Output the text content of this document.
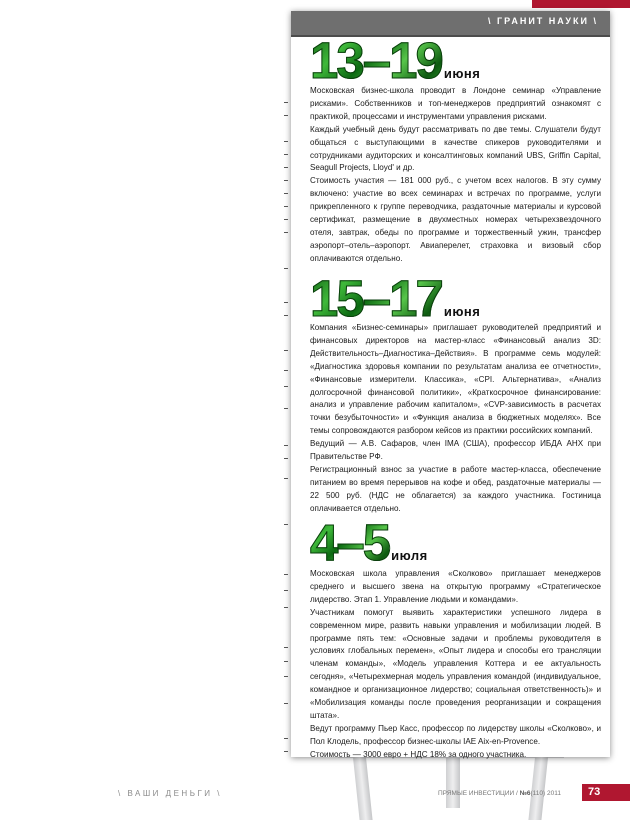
\ ГРАНИТ НАУКИ \
13–19 июня

Московская бизнес-школа проводит в Лондоне семинар «Управление рисками». Собственников и топ-менеджеров предприятий ознакомят с практикой, процессами и инструментами управления рисками.

Каждый учебный день будут рассматривать по две темы. Слушатели будут общаться с выступающими в качестве спикеров руководителями и сотрудниками аудиторских и консалтинговых компаний UBS, Griffin Capital, Seagull Projects, Lloyd' и др.

Стоимость участия — 181 000 руб., с учетом всех налогов. В эту сумму включено: участие во всех семинарах и встречах по программе, услуги прикрепленного к группе переводчика, раздаточные материалы и курсовой сертификат, размещение в двухместных номерах четырехзвездочного отеля, завтрак, обеды по программе и торжественный ужин, трансфер аэропорт–отель–аэропорт. Авиаперелет, страховка и визовый сбор оплачиваются отдельно.

15–17 июня

Компания «Бизнес-семинары» приглашает руководителей предприятий и финансовых директоров на мастер-класс «Финансовый анализ 3D: Действительность–Диагностика–Действия». В программе семь модулей: «Диагностика здоровья компании по результатам анализа ее отчетности», «Финансовые измерители. Классика», «CPI. Альтернатива», «Анализ долгосрочной финансовой политики», «Краткосрочное финансирование: анализ и управление рабочим капиталом», «CVP-зависимость в расчетах точки безубыточности» и «Функция анализа в бюджетных моделях». Все темы сопровождаются разбором кейсов из практики российских компаний.

Ведущий — А.В. Сафаров, член IMA (США), профессор ИБДА АНХ при Правительстве РФ.

Регистрационный взнос за участие в работе мастер-класса, обеспечение питанием во время перерывов на кофе и обед, раздаточные материалы — 22 500 руб. (НДС не облагается) за каждого участника. Гостиница оплачивается отдельно.

4–5 июля

Московская школа управления «Сколково» приглашает менеджеров среднего и высшего звена на открытую программу «Стратегическое лидерство. Этап 1. Управление людьми и командами».

Участникам помогут выявить характеристики успешного лидера в современном мире, развить навыки управления и мобилизации людей. В программе пять тем: «Основные задачи и проблемы руководителя в условиях глобальных перемен», «Опыт лидера и способы его трансляции членам команды», «Модель управления Коттера и ее актуальность сегодня», «Четырехмерная модель управления командой (индивидуальное, командное и организационное лидерство; социальная ответственность)» и «Мобилизация команды после проведения реорганизации и сокращения штата».

Ведут программу Пьер Касс, профессор по лидерству школы «Сколково», и Пол Клодель, профессор бизнес-школы IAE Aix-en-Provence.

Стоимость — 3000 евро + НДС 18% за одного участника.

\ ВАШИ ДЕНЬГИ \	ПРЯМЫЕ ИНВЕСТИЦИИ / №6(110) 2011	73
